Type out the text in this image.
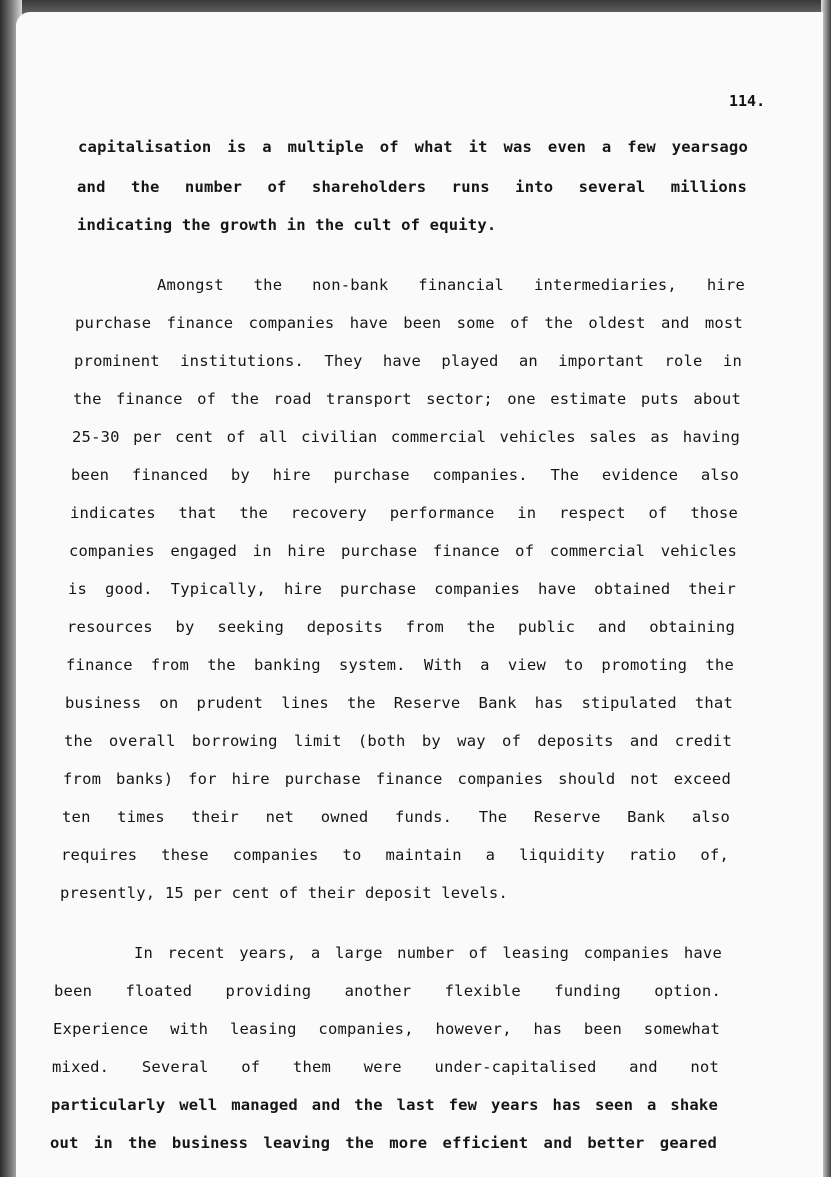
114.
capitalisation is a multiple of what it was even a few yearsago
and the number of shareholders runs into several millions
indicating the growth in the cult of equity.
Amongst the non-bank financial intermediaries, hire
purchase finance companies have been some of the oldest and most
prominent institutions. They have played an important role in
the finance of the road transport sector; one estimate puts about
25-30 per cent of all civilian commercial vehicles sales as having
been financed by hire purchase companies. The evidence also
indicates that the recovery performance in respect of those
companies engaged in hire purchase finance of commercial vehicles
is good. Typically, hire purchase companies have obtained their
resources by seeking deposits from the public and obtaining
finance from the banking system. With a view to promoting the
business on prudent lines the Reserve Bank has stipulated that
the overall borrowing limit (both by way of deposits and credit
from banks) for hire purchase finance companies should not exceed
ten times their net owned funds. The Reserve Bank also
requires these companies to maintain a liquidity ratio of,
presently, 15 per cent of their deposit levels.
In recent years, a large number of leasing companies have
been floated providing another flexible funding option.
Experience with leasing companies, however, has been somewhat
mixed. Several of them were under-capitalised and not
particularly well managed and the last few years has seen a shake
out in the business leaving the more efficient and better geared
